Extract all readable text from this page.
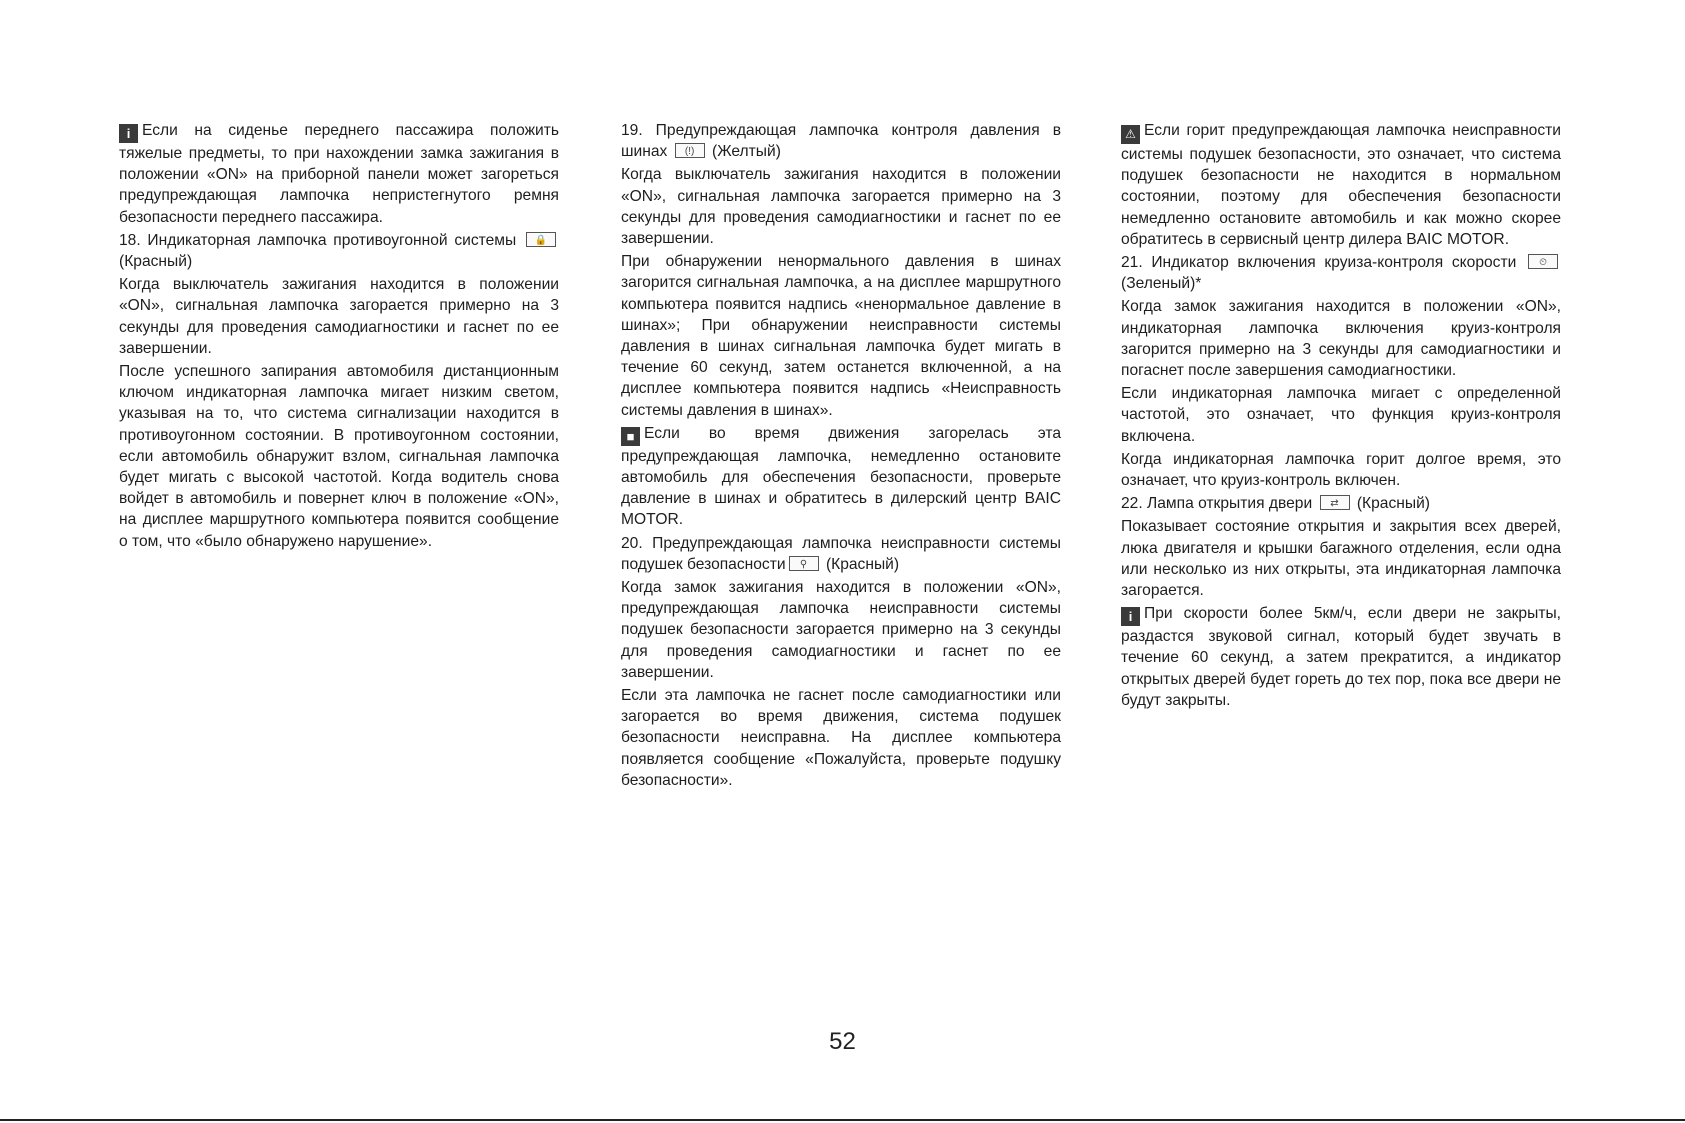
i Если на сиденье переднего пассажира положить тяжелые предметы, то при нахождении замка зажигания в положении «ON» на приборной панели может загореться предупреждающая лампочка непристегнутого ремня безопасности переднего пассажира.

18. Индикаторная лампочка противоугонной системы	🔒
(Красный)

Когда выключатель зажигания находится в положении «ON», сигнальная лампочка загорается примерно на 3 секунды для проведения самодиагностики и гаснет по ее завершении.

После успешного запирания автомобиля дистанционным ключом индикаторная лампочка мигает низким светом, указывая на то, что система сигнализации находится в противоугонном состоянии. В противоугонном состоянии, если автомобиль обнаружит взлом, сигнальная лампочка будет мигать с высокой частотой. Когда водитель снова войдет в автомобиль и повернет ключ в положение «ON», на дисплее маршрутного компьютера появится сообщение о том, что «было обнаружено нарушение».

19. Предупреждающая лампочка контроля давления в шинах	(!)	(Желтый)

Когда выключатель зажигания находится в положении «ON», сигнальная лампочка загорается примерно на 3 секунды для проведения самодиагностики и гаснет по ее завершении.

При обнаружении ненормального давления в шинах загорится сигнальная лампочка, а на дисплее маршрутного компьютера появится надпись «ненормальное давление в шинах»; При обнаружении неисправности системы давления в шинах сигнальная лампочка будет мигать в течение 60 секунд, затем останется включенной, а на дисплее компьютера появится надпись «Неисправность системы давления в шинах».

■ Если во время движения загорелась эта предупреждающая лампочка, немедленно остановите автомобиль для обеспечения безопасности, проверьте давление в шинах и обратитесь в дилерский центр BAIC MOTOR.

20. Предупреждающая лампочка неисправности системы подушек безопасности	⚲	(Красный)

Когда замок зажигания находится в положении «ON», предупреждающая лампочка неисправности системы подушек безопасности загорается примерно на 3 секунды для проведения самодиагностики и гаснет по ее завершении.

Если эта лампочка не гаснет после самодиагностики или загорается во время движения, система подушек безопасности неисправна. На дисплее компьютера появляется сообщение «Пожалуйста, проверьте подушку безопасности».

⚠ Если горит предупреждающая лампочка неисправности системы подушек безопасности, это означает, что система подушек безопасности не находится в нормальном состоянии, поэтому для обеспечения безопасности немедленно остановите автомобиль и как можно скорее обратитесь в сервисный центр дилера BAIC MOTOR.

21. Индикатор включения круиза-контроля скорости	⏲
(Зеленый)*

Когда замок зажигания находится в положении «ON», индикаторная лампочка включения круиз-контроля загорится примерно на 3 секунды для самодиагностики и погаснет после завершения самодиагностики.

Если индикаторная лампочка мигает с определенной частотой, это означает, что функция круиз-контроля включена.

Когда индикаторная лампочка горит долгое время, это означает, что круиз-контроль включен.

22. Лампа открытия двери	⇄	(Красный)

Показывает состояние открытия и закрытия всех дверей, люка двигателя и крышки багажного отделения, если одна или несколько из них открыты, эта индикаторная лампочка загорается.

i При скорости более 5км/ч, если двери не закрыты, раздастся звуковой сигнал, который будет звучать в течение 60 секунд, а затем прекратится, а индикатор открытых дверей будет гореть до тех пор, пока все двери не будут закрыты.

52
